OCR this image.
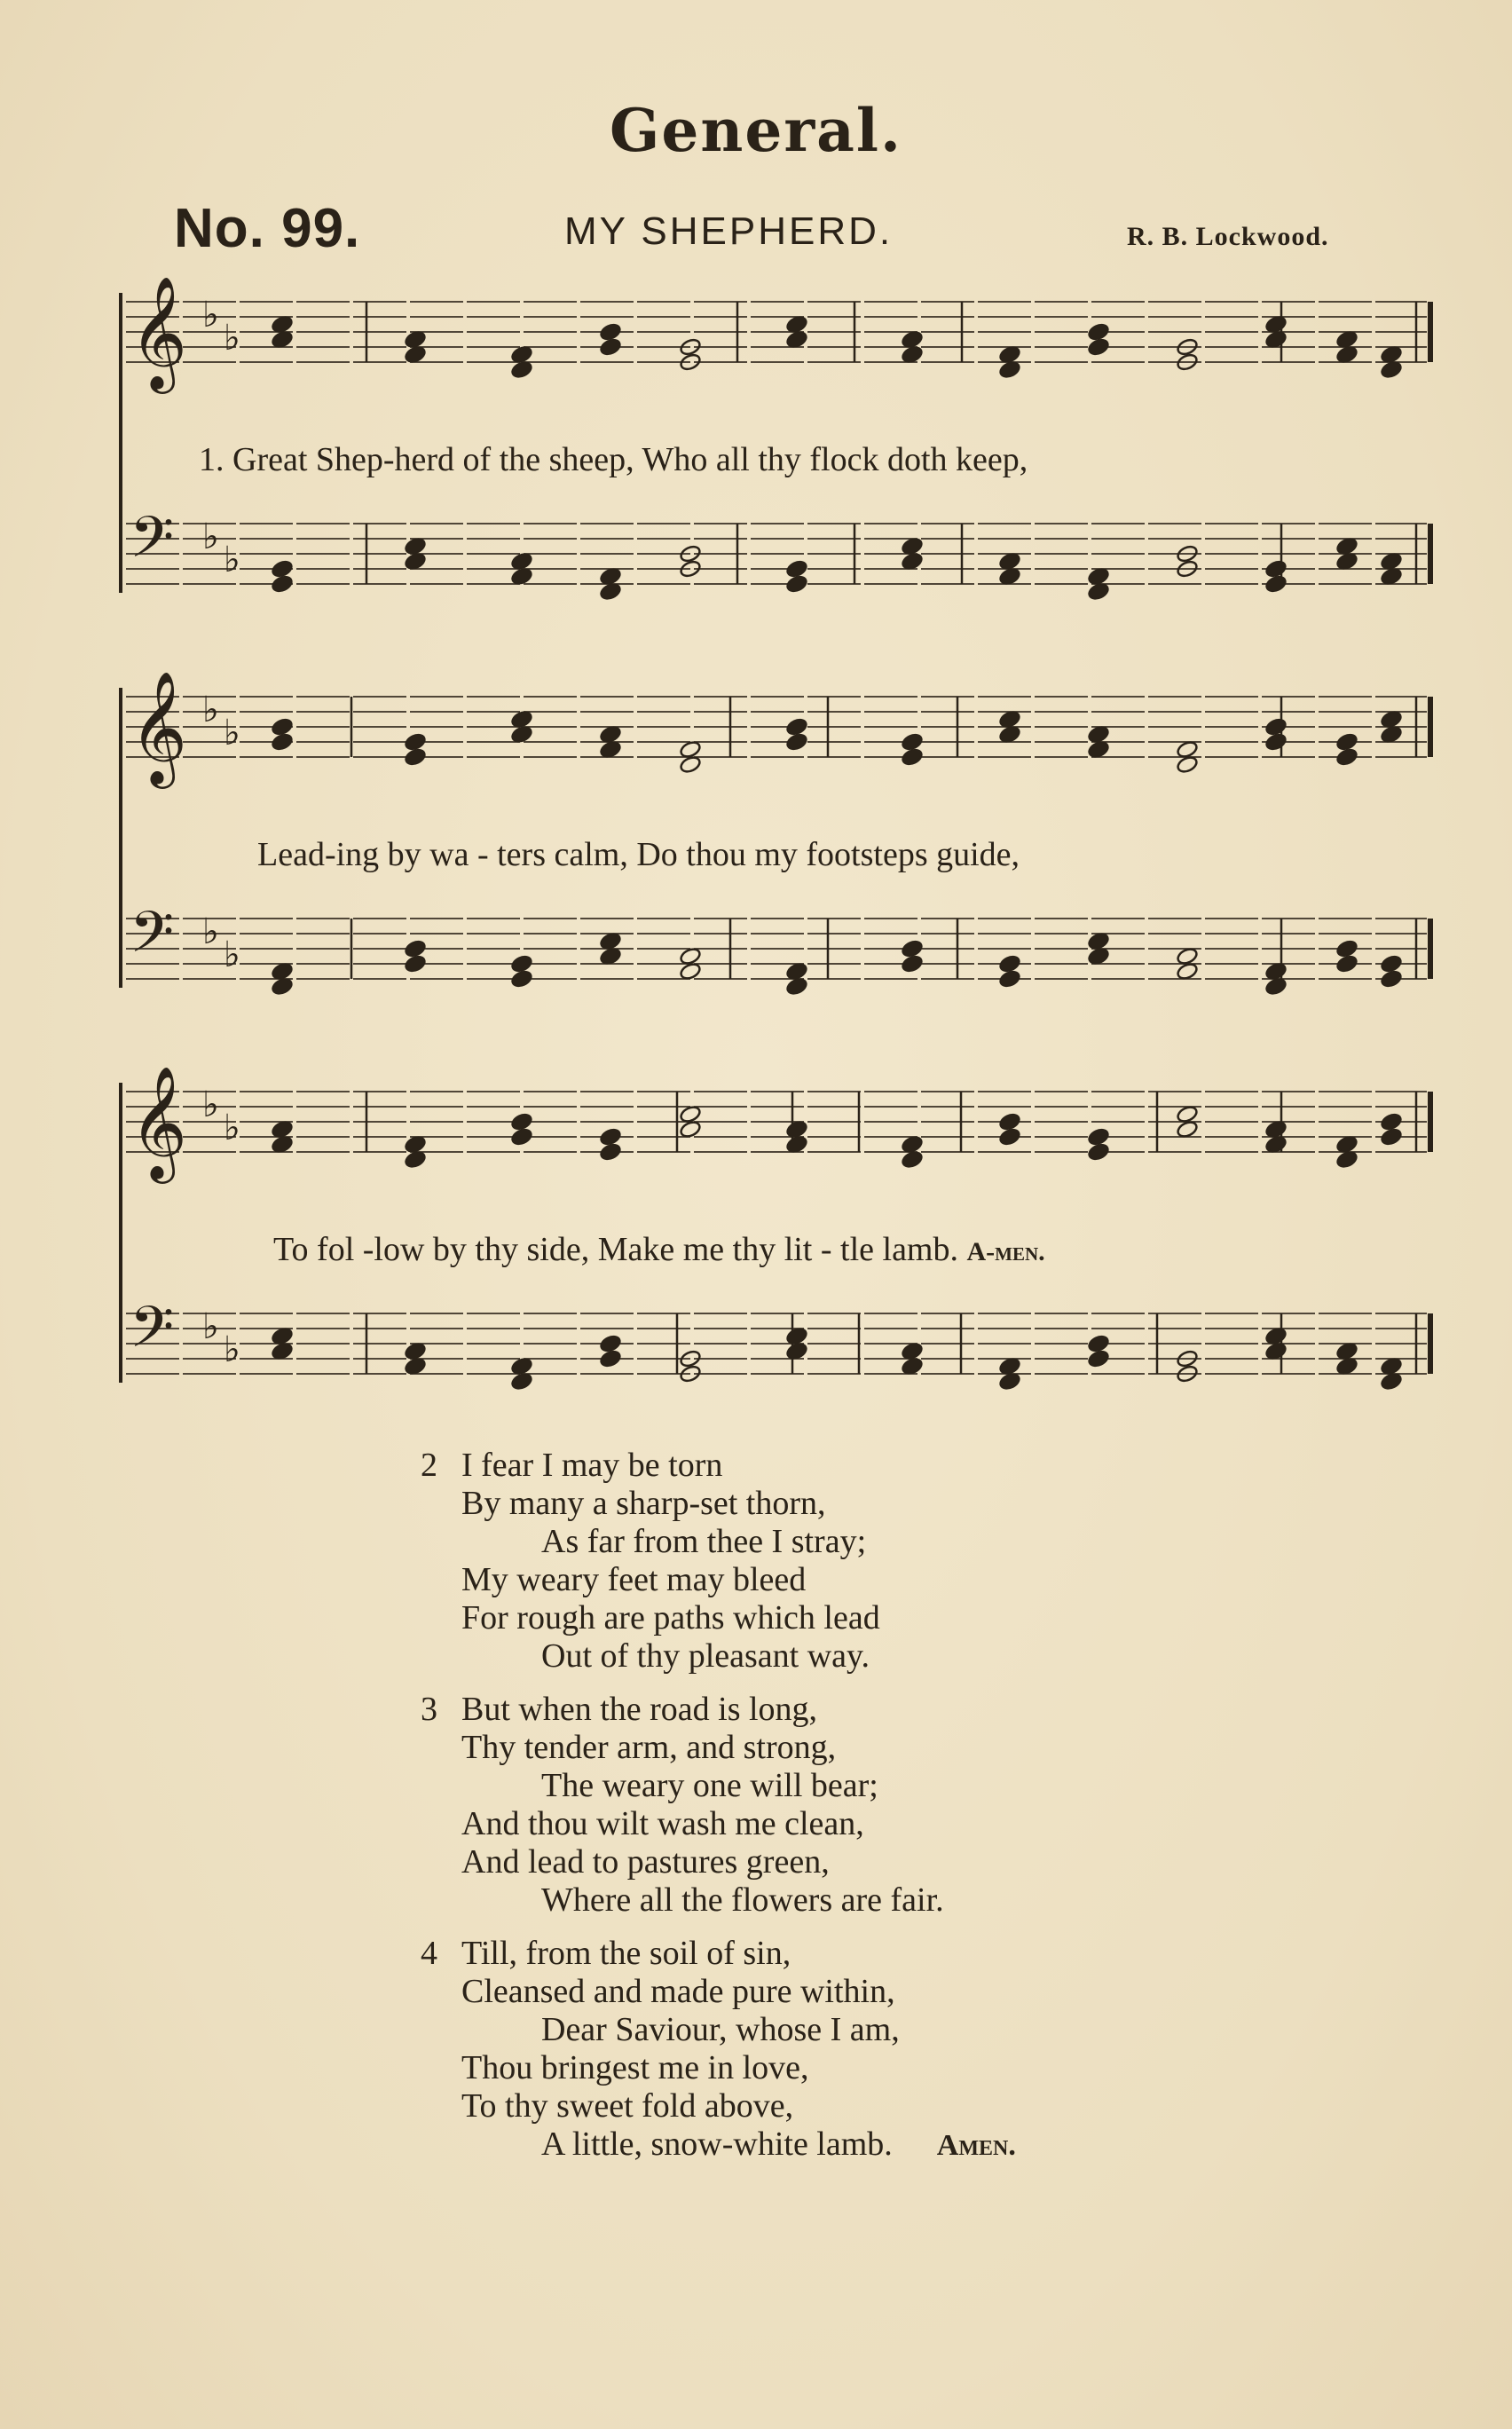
General.
No. 99.	MY SHEPHERD.	R. B. Lockwood.
𝄞 ♭
♭
𝄢 ♭
♭
1. Great Shep-herd of the sheep, Who all thy flock doth keep,
𝄞 ♭
♭
𝄢 ♭
♭
Lead-ing by wa - ters calm, Do thou my footsteps guide,
𝄞 ♭
♭
𝄢 ♭
♭
To fol -low by thy side, Make me thy lit - tle lamb. A-men.
2 I fear I may be torn
By many a sharp-set thorn,
As far from thee I stray;
My weary feet may bleed
For rough are paths which lead
Out of thy pleasant way.
3 But when the road is long,
Thy tender arm, and strong,
The weary one will bear;
And thou wilt wash me clean,
And lead to pastures green,
Where all the flowers are fair.
4 Till, from the soil of sin,
Cleansed and made pure within,
Dear Saviour, whose I am,
Thou bringest me in love,
To thy sweet fold above,
A little, snow-white lamb. Amen.
